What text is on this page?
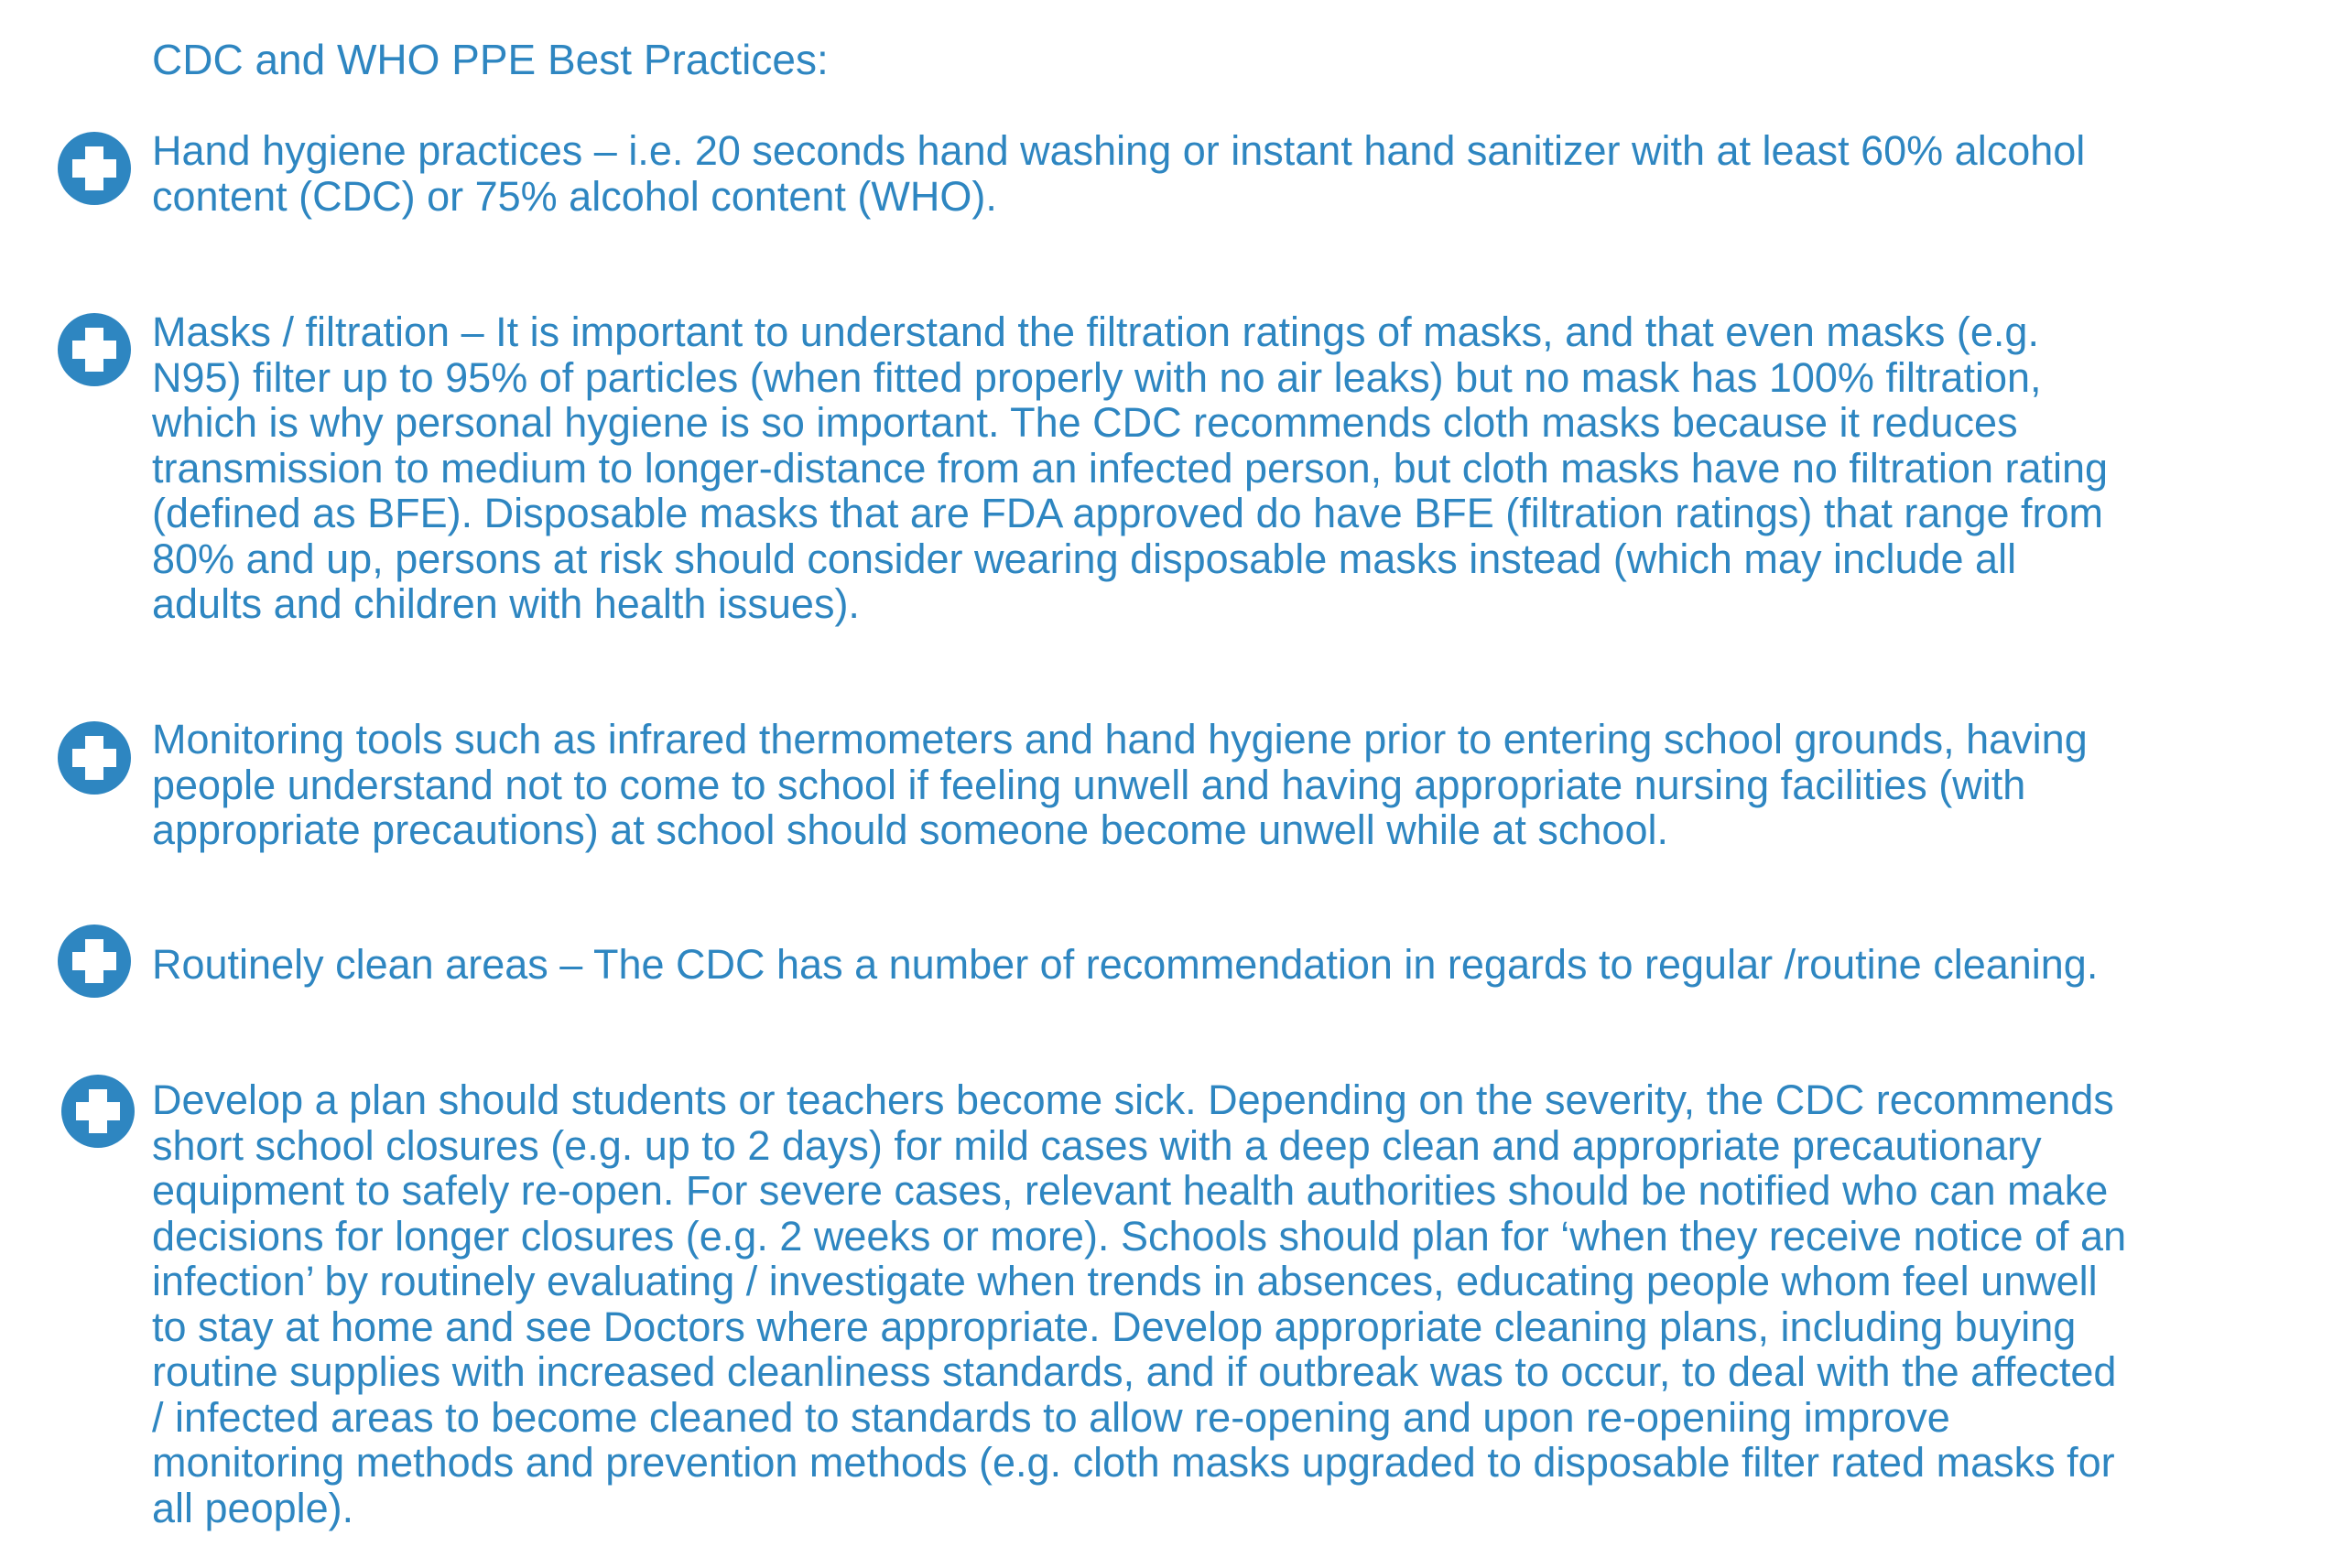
CDC and WHO PPE Best Practices:

Hand hygiene practices – i.e. 20 seconds hand washing or instant hand sanitizer with at least 60% alcohol
content (CDC) or 75% alcohol content (WHO).

Masks / filtration – It is important to understand the filtration ratings of masks, and that even masks (e.g.
N95) filter up to 95% of particles (when fitted properly with no air leaks) but no mask has 100% filtration,
which is why personal hygiene is so important. The CDC recommends cloth masks because it reduces
transmission to medium to longer-distance from an infected person, but cloth masks have no filtration rating
(defined as BFE). Disposable masks that are FDA approved do have BFE (filtration ratings) that range from
80% and up, persons at risk should consider wearing disposable masks instead (which may include all
adults and children with health issues).

Monitoring tools such as infrared thermometers and hand hygiene prior to entering school grounds, having
people understand not to come to school if feeling unwell and having appropriate nursing facilities (with
appropriate precautions) at school should someone become unwell while at school.

Routinely clean areas – The CDC has a number of recommendation in regards to regular /routine cleaning.

Develop a plan should students or teachers become sick. Depending on the severity, the CDC recommends
short school closures (e.g. up to 2 days) for mild cases with a deep clean and appropriate precautionary
equipment to safely re-open. For severe cases, relevant health authorities should be notified who can make
decisions for longer closures (e.g. 2 weeks or more). Schools should plan for ‘when they receive notice of an
infection’ by routinely evaluating / investigate when trends in absences, educating people whom feel unwell
to stay at home and see Doctors where appropriate. Develop appropriate cleaning plans, including buying
routine supplies with increased cleanliness standards, and if outbreak was to occur, to deal with the affected
/ infected areas to become cleaned to standards to allow re-opening and upon re-openiing improve
monitoring methods and prevention methods (e.g. cloth masks upgraded to disposable filter rated masks for
all people).
